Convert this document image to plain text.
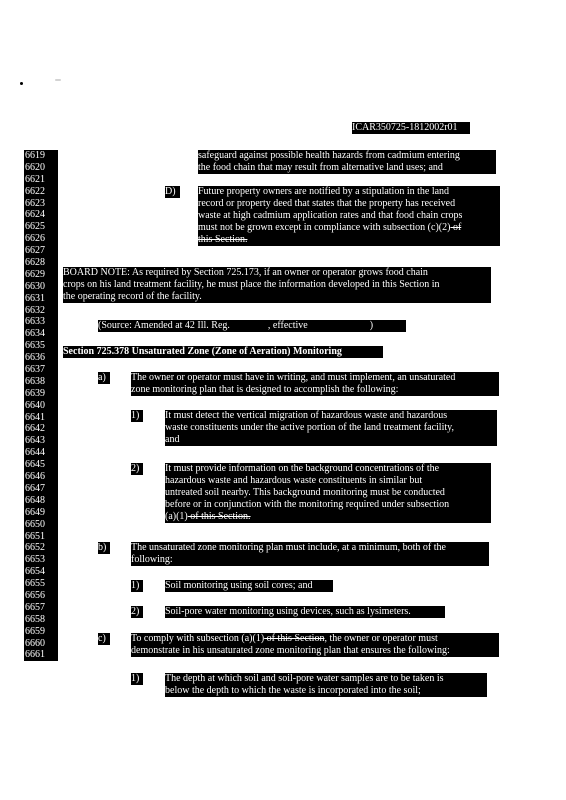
ICAR350725-1812002r01
6619
6620
6621
6622
6623
6624
6625
6626
6627
6628
6629
6630
6631
6632
6633
6634
6635
6636
6637
6638
6639
6640
6641
6642
6643
6644
6645
6646
6647
6648
6649
6650
6651
6652
6653
6654
6655
6656
6657
6658
6659
6660
6661
safeguard against possible health hazards from cadmium entering
the food chain that may result from alternative land uses; and
D)	Future property owners are notified by a stipulation in the land
record or property deed that states that the property has received
waste at high cadmium application rates and that food chain crops
must not be grown except in compliance with subsection (c)(2) of
this Section.
BOARD NOTE: As required by Section 725.173, if an owner or operator grows food chain
crops on his land treatment facility, he must place the information developed in this Section in
the operating record of the facility.
(Source: Amended at 42 Ill. Reg.	, effective	)
Section 725.378 Unsaturated Zone (Zone of Aeration) Monitoring
a)	The owner or operator must have in writing, and must implement, an unsaturated
zone monitoring plan that is designed to accomplish the following:
1)	It must detect the vertical migration of hazardous waste and hazardous
waste constituents under the active portion of the land treatment facility,
and
2)	It must provide information on the background concentrations of the
hazardous waste and hazardous waste constituents in similar but
untreated soil nearby. This background monitoring must be conducted
before or in conjunction with the monitoring required under subsection
(a)(1) of this Section.
b)	The unsaturated zone monitoring plan must include, at a minimum, both of the
following:
1)	Soil monitoring using soil cores; and
2)	Soil-pore water monitoring using devices, such as lysimeters.
c)	To comply with subsection (a)(1) of this Section, the owner or operator must
demonstrate in his unsaturated zone monitoring plan that ensures the following:
1)	The depth at which soil and soil-pore water samples are to be taken is
below the depth to which the waste is incorporated into the soil;
